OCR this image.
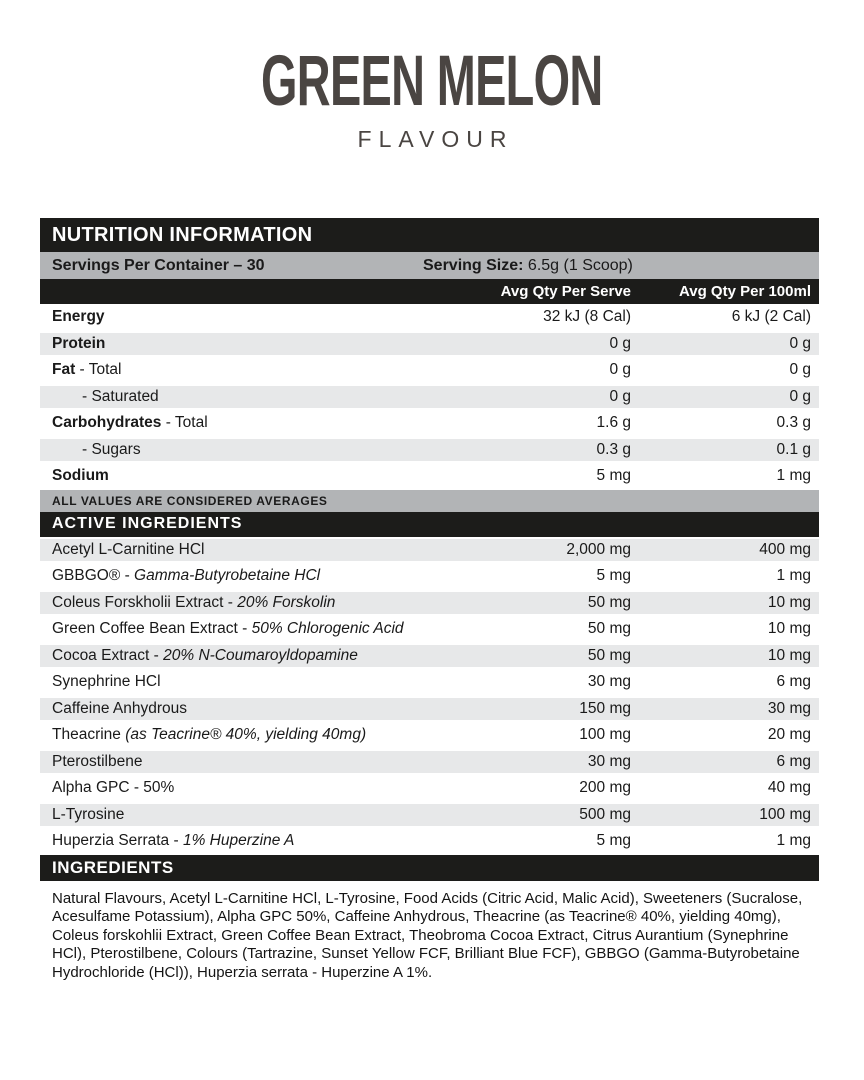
GREEN MELON
FLAVOUR
NUTRITION INFORMATION
Servings Per Container – 30	Serving Size: 6.5g (1 Scoop)
Avg Qty Per Serve	Avg Qty Per 100ml
Energy	32 kJ (8 Cal)	6 kJ (2 Cal)
Protein	0 g	0 g
Fat - Total	0 g	0 g
- Saturated	0 g	0 g
Carbohydrates - Total	1.6 g	0.3 g
- Sugars	0.3 g	0.1 g
Sodium	5 mg	1 mg
ALL VALUES ARE CONSIDERED AVERAGES
ACTIVE INGREDIENTS
Acetyl L-Carnitine HCl	2,000 mg	400 mg
GBBGO® - Gamma-Butyrobetaine HCl	5 mg	1 mg
Coleus Forskholii Extract - 20% Forskolin	50 mg	10 mg
Green Coffee Bean Extract - 50% Chlorogenic Acid	50 mg	10 mg
Cocoa Extract - 20% N-Coumaroyldopamine	50 mg	10 mg
Synephrine HCl	30 mg	6 mg
Caffeine Anhydrous	150 mg	30 mg
Theacrine (as Teacrine® 40%, yielding 40mg)	100 mg	20 mg
Pterostilbene	30 mg	6 mg
Alpha GPC - 50%	200 mg	40 mg
L-Tyrosine	500 mg	100 mg
Huperzia Serrata - 1% Huperzine A	5 mg	1 mg
INGREDIENTS

Natural Flavours, Acetyl L-Carnitine HCl, L-Tyrosine, Food Acids (Citric Acid, Malic Acid), Sweeteners (Sucralose, Acesulfame Potassium), Alpha GPC 50%, Caffeine Anhydrous, Theacrine (as Teacrine® 40%, yielding 40mg), Coleus forskohlii Extract, Green Coffee Bean Extract, Theobroma Cocoa Extract, Citrus Aurantium (Synephrine HCl), Pterostilbene, Colours (Tartrazine, Sunset Yellow FCF, Brilliant Blue FCF), GBBGO (Gamma-Butyrobetaine Hydrochloride (HCl)), Huperzia serrata - Huperzine A 1%.
